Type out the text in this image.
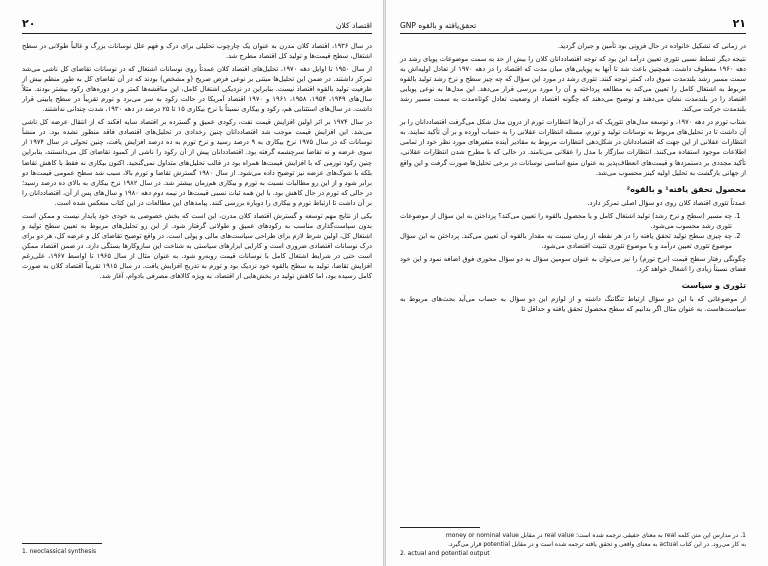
۲۰	اقتصاد کلان

در سال ۱۹۳۶، اقتصاد کلان مدرن به عنوان یک چارچوب تحلیلی برای درک و فهم علل نوسانات بزرگ و غالباً طولانی در سطح اشتغال، سطح قیمت‌ها و تولید کل اقتصاد مطرح شد.

از سال ۱۹۵۰ تا اوایل دهه ۱۹۷۰، تحلیل‌های اقتصاد کلان عمدتاً روی نوسانات اشتغال که در نوسانات تقاضای کل ناشی می‌شد تمرکز داشتند. در ضمن این تحلیل‌ها مبتنی بر نوعی فرض صریح (و مشخص) بودند که در آن تقاضای کل به طور منظم بیش از ظرفیت تولید بالقوه اقتصاد نیست. بنابراین در نزدیکی اشتغال کامل، این مناقشه‌ها کمتر و در دوره‌های رکود بیشتر بودند. مثلاً سال‌های ۱۹۴۹، ۱۹۵۴، ۱۹۵۸، ۱۹۶۱ و ۱۹۷۰ اقتصاد آمریکا در حالت رکود به سر می‌برد و تورم تقریباً در سطح پایینی قرار داشت. در سال‌های استثنایی هم، رکود و بیکاری نسبتاً با نرخ بیکاری ۱۵ تا ۲۵ درصد در دهه ۱۹۳۰، شدت چندانی نداشتند.

در سال ۱۹۷۴ بر اثر اولین افزایش قیمت نفت، رکودی عمیق و گسترده بر اقتصاد سایه افکند که از انتقال عرضه کل ناشی می‌شد. این افزایش قیمت موجب شد اقتصاددانان چنین رخدادی در تحلیل‌های اقتصادی فاقد منظور نشده بود. در منشأ نوسانات که در سال ۱۹۷۵ نرخ بیکاری به ۹ درصد رسید و نرخ تورم به ده درصد افزایش یافت، چنین تحولی در سال ۱۹۷۴ از سوی عرضه و نه تقاضا سرچشمه گرفته بود. اقتصاددانان پیش از آن رکود را ناشی از کمبود تقاضای کل می‌دانستند، بنابراین چنین رکود تورمی که با افزایش قیمت‌ها همراه بود در قالب تحلیل‌های متداول نمی‌گنجید. اکنون بیکاری نه فقط با کاهش تقاضا بلکه با شوک‌های عرضه نیز توضیح داده می‌شود. از سال ۱۹۸۰ گسترش تقاضا و تورم بالا، سبب شد سطح عمومی قیمت‌ها دو برابر شود و از این رو مطالبات نسبت به تورم و بیکاری هم‌زمان بیشتر شد. در سال ۱۹۸۲ نرخ بیکاری به بالای ده درصد رسید؛ در حالی که تورم در حال کاهش بود. با این همه ثبات نسبی قیمت‌ها در نیمه دوم دهه ۱۹۸۰ و سال‌های پس از آن، اقتصاددانان را بر آن داشت تا ارتباط تورم و بیکاری را دوباره بررسی کنند. پیامدهای این مطالعات در این کتاب منعکس شده است.

یکی از نتایج مهم توسعه و گسترش اقتصاد کلان مدرن، این است که بخش خصوصی به خودی خود پایدار نیست و ممکن است بدون سیاست‌گذاری مناسب به رکودهای عمیق و طولانی گرفتار شود. از این رو تحلیل‌های مربوط به تعیین سطح تولید و اشتغال کل، اولین شرط لازم برای طراحی سیاست‌های مالی و پولی است. در واقع توضیح تقاضای کل و عرضه کل، هر دو برای درک نوسانات اقتصادی ضروری است و کارایی ابزارهای سیاستی به شناخت این سازوکارها بستگی دارد. در ضمن اقتصاد ممکن است حتی در شرایط اشتغال کامل با نوسانات قیمت روبه‌رو شود. به عنوان مثال از سال ۱۹۶۵ تا اواسط ۱۹۶۷، علی‌رغم افزایش تقاضا، تولید به سطح بالقوه خود نزدیک بود و تورم به تدریج افزایش یافت. در سال ۱۹۱۵ تقریباً اقتصاد کلان به صورت کامل رسیده بود، اما کاهش تولید در بخش‌هایی از اقتصاد، به ویژه کالاهای مصرفی بادوام، آغاز شد.

1. neoclassical synthesis
GNP تحقق‌یافته و بالقوه	۲۱

در زمانی که تشکیل خانواده در حال فزونی بود تأمین و جبران گردید.

نتیجه دیگر تسلط نسبی تئوری تعیین درآمد این بود که توجه اقتصاددانان کلان را بیش از حد به سمت موضوعات پویای رشد در دهه ۱۹۶۰ معطوف داشت. همچنین باعث شد تا آنها به پویایی‌های میان مدت که اقتصاد را در دهه ۱۹۷۰ از تعادل اولیه‌اش به سمت مسیر رشد بلندمدت سوق داد، کمتر توجه کنند. تئوری رشد در مورد این سؤال که چه چیز سطح و نرخ رشد تولید بالقوه مربوط به اشتغال کامل را تعیین می‌کند به مطالعه پرداخته و آن را مورد بررسی قرار می‌دهد. این مدل‌ها به نوعی پویایی اقتصاد را در بلندمدت نشان می‌دهند و توضیح می‌دهند که چگونه اقتصاد از وضعیت تعادل کوتاه‌مدت به سمت مسیر رشد بلندمدت حرکت می‌کند.

شتاب تورم در دهه ۱۹۷۰، و توسعه مدل‌های تئوریک که در آن‌ها انتظارات تورم از درون مدل شکل می‌گرفت اقتصاددانان را بر آن داشت تا در تحلیل‌های مربوط به نوسانات تولید و تورم، مسئله انتظارات عقلانی را به حساب آورده و بر آن تأکید نمایند. به انتظارات عقلانی از این جهت که اقتصاددانان در شکل‌دهی انتظارات مربوط به مقادیر آینده متغیرهای مورد نظر خود از تمامی اطلاعات موجود استفاده می‌کنند. انتظارات سازگار با مدل را عقلانی می‌نامند. در حالی که با مطرح شدن انتظارات عقلانی، تأکید مجددی بر دستمزدها و قیمت‌های انعطاف‌پذیر به عنوان منبع اساسی نوسانات در برخی تحلیل‌ها صورت گرفت و این واقع از جهانی بازگشت به تحلیل اولیه کینز محسوب می‌شد.

محصول تحقق یافته¹ و بالقوه²

عمدتاً تئوری اقتصاد کلان روی دو سؤال اصلی تمرکز دارد.

1. چه مسیر (سطح و نرخ رشد) تولید اشتغال کامل و یا محصول بالقوه را تعیین می‌کند؟ پرداختن به این سؤال از موضوعات تئوری رشد محسوب می‌شود.
2. چه چیزی سطح تولید تحقق یافته را در هر نقطه از زمان نسبت به مقدار بالقوه آن تعیین می‌کند. پرداختن به این سؤال موضوع تئوری تعیین درآمد و یا موضوع تئوری تثبیت اقتصادی می‌شود.

چگونگی رفتار سطح قیمت (نرخ تورم) را نیز می‌توان به عنوان سومین سؤال به دو سؤال محوری فوق اضافه نمود و این خود فضای نسبتاً زیادی را اشغال خواهد کرد.

تئوری و سیاست

از موضوعاتی که با این دو سؤال ارتباط تنگاتنگ داشته و از لوازم این دو سؤال به حساب می‌آید بحث‌های مربوط به سیاست‌هاست. به عنوان مثال اگر بدانیم که سطح محصول تحقق یافته و حداقل تا

1. در مدارس این متن کلمه real به معنای حقیقی ترجمه شده است؛ real value در مقابل money or nominal value
به کار می‌رود. در این کتاب actual به معنای واقعی و تحقق یافته ترجمه شده است و در مقابل potential قرار می‌گیرد.
2. actual and potential output
